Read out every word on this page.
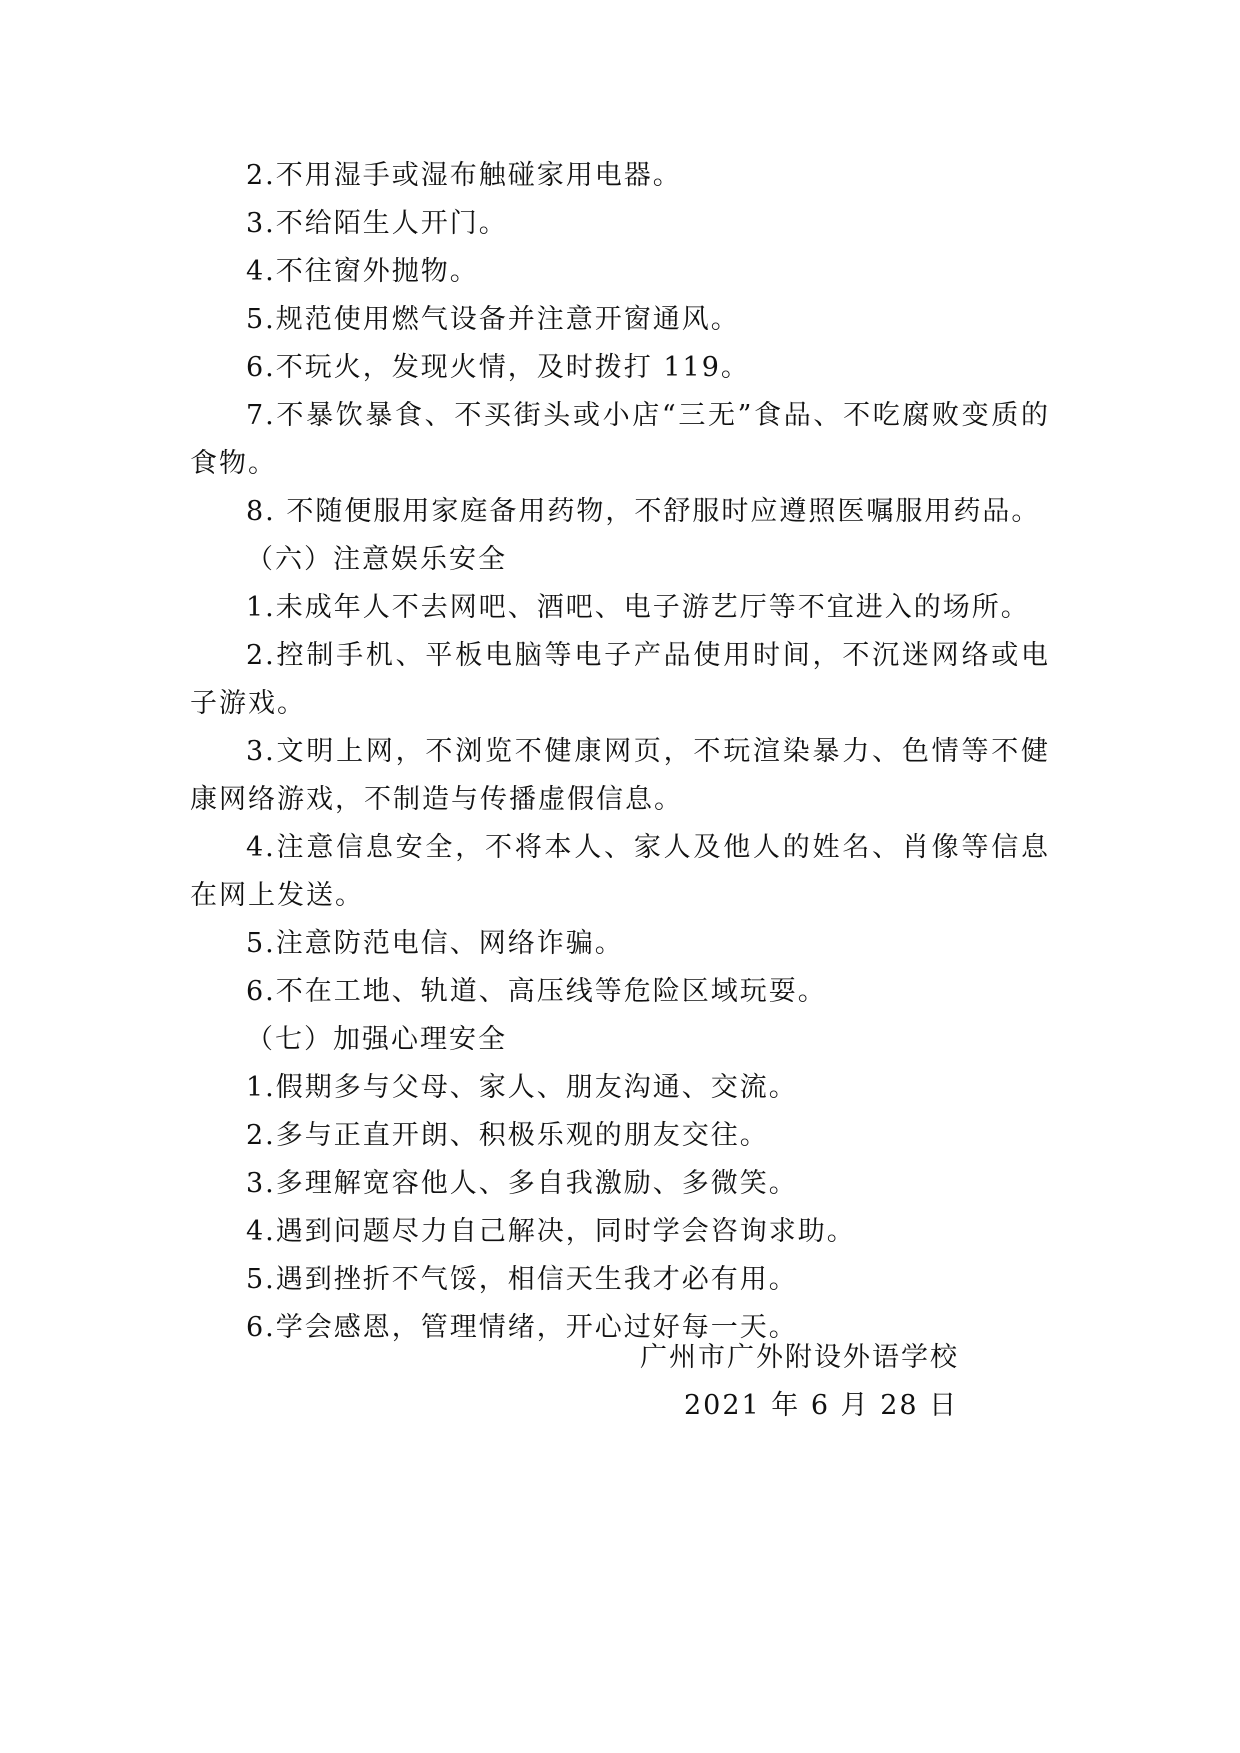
2.不用湿手或湿布触碰家用电器。

3.不给陌生人开门。

4.不往窗外抛物。

5.规范使用燃气设备并注意开窗通风。

6.不玩火，发现火情，及时拨打 119。

7.不暴饮暴食、不买街头或小店“三无”食品、不吃腐败变质的食物。

8. 不随便服用家庭备用药物，不舒服时应遵照医嘱服用药品。

（六）注意娱乐安全

1.未成年人不去网吧、酒吧、电子游艺厅等不宜进入的场所。

2.控制手机、平板电脑等电子产品使用时间，不沉迷网络或电子游戏。

3.文明上网，不浏览不健康网页，不玩渲染暴力、色情等不健康网络游戏，不制造与传播虚假信息。

4.注意信息安全，不将本人、家人及他人的姓名、肖像等信息在网上发送。

5.注意防范电信、网络诈骗。

6.不在工地、轨道、高压线等危险区域玩耍。

（七）加强心理安全

1.假期多与父母、家人、朋友沟通、交流。

2.多与正直开朗、积极乐观的朋友交往。

3.多理解宽容他人、多自我激励、多微笑。

4.遇到问题尽力自己解决，同时学会咨询求助。

5.遇到挫折不气馁，相信天生我才必有用。

6.学会感恩，管理情绪，开心过好每一天。

广州市广外附设外语学校

2021 年 6 月 28 日
